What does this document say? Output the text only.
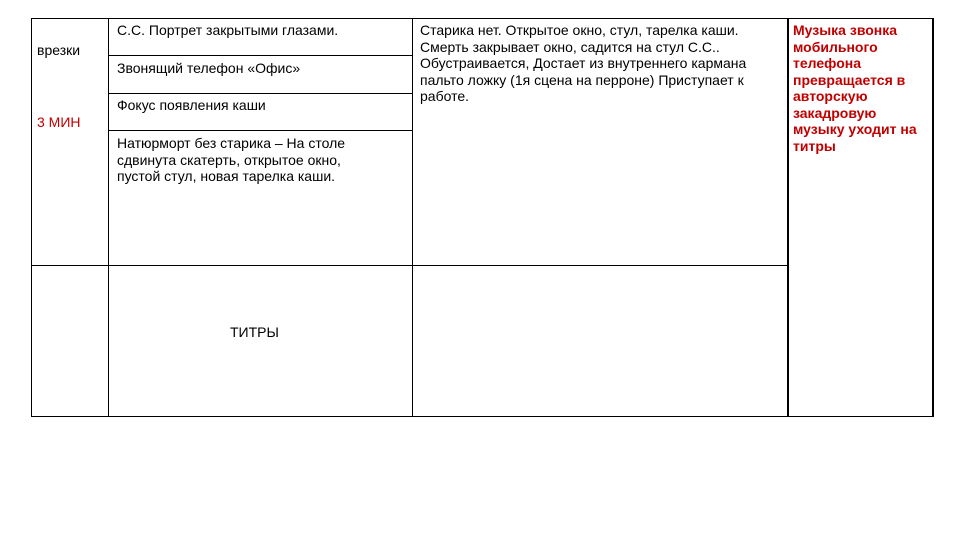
врезки
3 МИН
С.С. Портрет закрытыми глазами.
Звонящий телефон «Офис»
Фокус появления каши
Натюрморт без старика – На столе сдвинута скатерть, открытое окно, пустой стул, новая тарелка каши.
ТИТРЫ
Старика нет. Открытое окно, стул, тарелка каши. Смерть закрывает окно, садится на стул С.С.. Обустраивается, Достает из внутреннего кармана пальто ложку (1я сцена на перроне) Приступает к работе.
Музыка звонка мобильного телефона превращается в авторскую закадровую музыку уходит на титры
